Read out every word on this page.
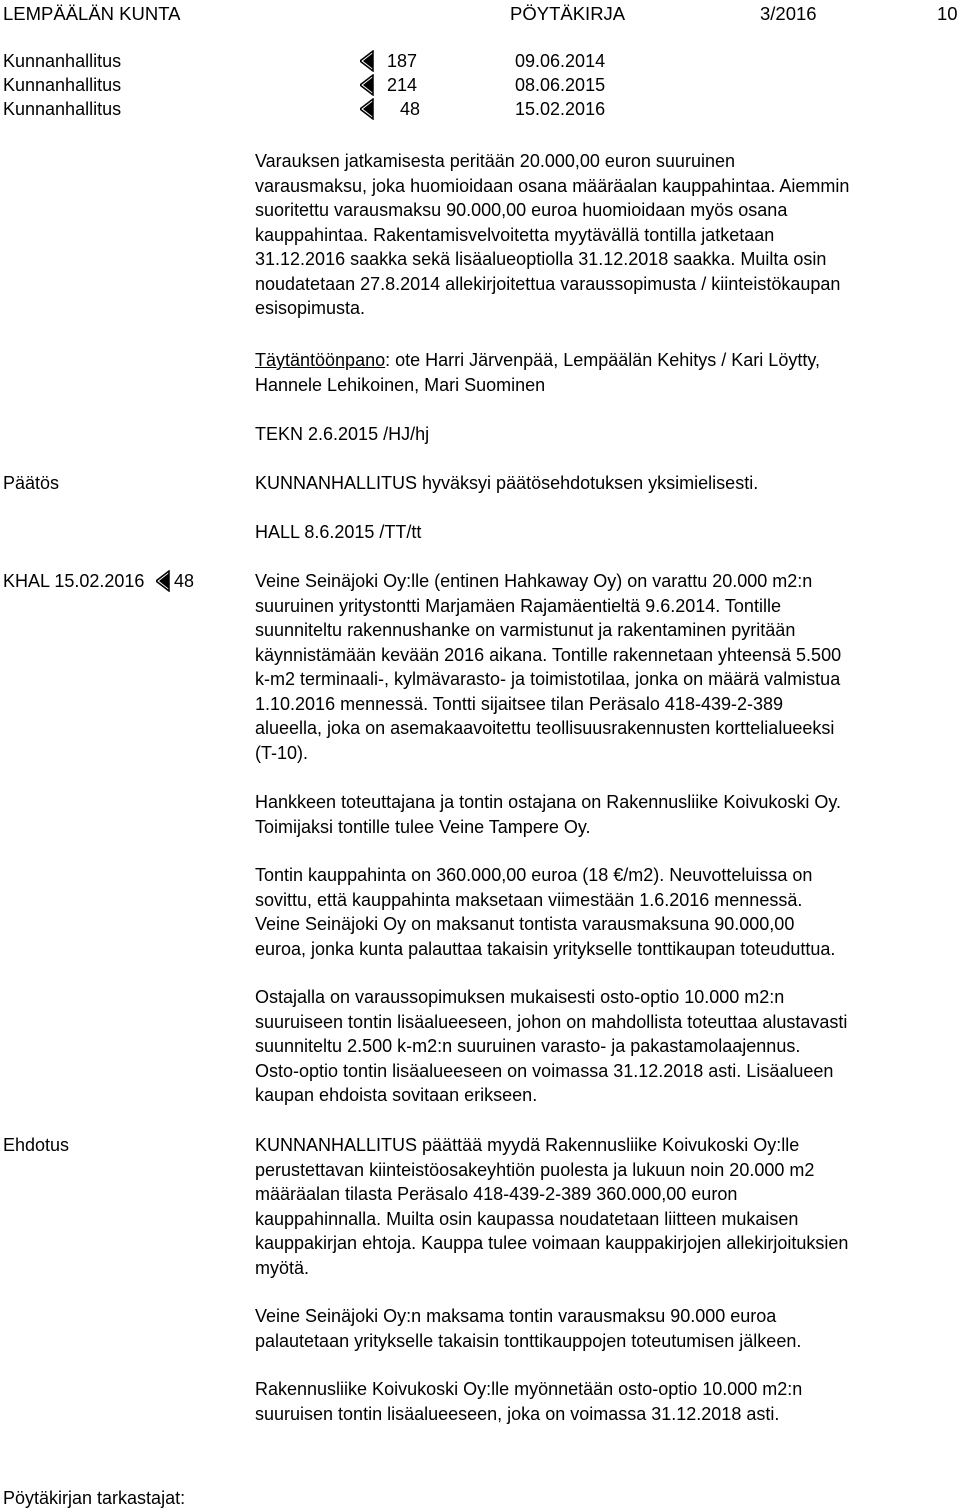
LEMPÄÄLÄN KUNTA	PÖYTÄKIRJA	3/2016	10
Kunnanhallitus	187	09.06.2014
Kunnanhallitus	214	08.06.2015
Kunnanhallitus	48	15.02.2016

Varauksen jatkamisesta peritään 20.000,00 euron suuruinen

varausmaksu, joka huomioidaan osana määräalan kauppahintaa. Aiemmin

suoritettu varausmaksu 90.000,00 euroa huomioidaan myös osana

kauppahintaa. Rakentamisvelvoitetta myytävällä tontilla jatketaan

31.12.2016 saakka sekä lisäalueoptiolla 31.12.2018 saakka. Muilta osin

noudatetaan 27.8.2014 allekirjoitettua varaussopimusta / kiinteistökaupan

esisopimusta.

Täytäntöönpano: ote Harri Järvenpää, Lempäälän Kehitys / Kari Löytty,

Hannele Lehikoinen, Mari Suominen

TEKN 2.6.2015 /HJ/hj
Päätös	KUNNANHALLITUS hyväksyi päätösehdotuksen yksimielisesti.
HALL 8.6.2015 /TT/tt
KHAL 15.02.2016 48	Veine Seinäjoki Oy:lle (entinen Hahkaway Oy) on varattu 20.000 m2:n

suuruinen yritystontti Marjamäen Rajamäentieltä 9.6.2014. Tontille

suunniteltu rakennushanke on varmistunut ja rakentaminen pyritään

käynnistämään kevään 2016 aikana. Tontille rakennetaan yhteensä 5.500

k-m2 terminaali-, kylmävarasto- ja toimistotilaa, jonka on määrä valmistua

1.10.2016 mennessä. Tontti sijaitsee tilan Peräsalo 418-439-2-389

alueella, joka on asemakaavoitettu teollisuusrakennusten korttelialueeksi

(T-10).

Hankkeen toteuttajana ja tontin ostajana on Rakennusliike Koivukoski Oy.

Toimijaksi tontille tulee Veine Tampere Oy.

Tontin kauppahinta on 360.000,00 euroa (18 €/m2). Neuvotteluissa on

sovittu, että kauppahinta maksetaan viimestään 1.6.2016 mennessä.

Veine Seinäjoki Oy on maksanut tontista varausmaksuna 90.000,00

euroa, jonka kunta palauttaa takaisin yritykselle tonttikaupan toteuduttua.

Ostajalla on varaussopimuksen mukaisesti osto-optio 10.000 m2:n

suuruiseen tontin lisäalueeseen, johon on mahdollista toteuttaa alustavasti

suunniteltu 2.500 k-m2:n suuruinen varasto- ja pakastamolaajennus.

Osto-optio tontin lisäalueeseen on voimassa 31.12.2018 asti. Lisäalueen

kaupan ehdoista sovitaan erikseen.

Ehdotus	KUNNANHALLITUS päättää myydä Rakennusliike Koivukoski Oy:lle

perustettavan kiinteistöosakeyhtiön puolesta ja lukuun noin 20.000 m2

määräalan tilasta Peräsalo 418-439-2-389 360.000,00 euron

kauppahinnalla. Muilta osin kaupassa noudatetaan liitteen mukaisen

kauppakirjan ehtoja. Kauppa tulee voimaan kauppakirjojen allekirjoituksien

myötä.

Veine Seinäjoki Oy:n maksama tontin varausmaksu 90.000 euroa

palautetaan yritykselle takaisin tonttikauppojen toteutumisen jälkeen.

Rakennusliike Koivukoski Oy:lle myönnetään osto-optio 10.000 m2:n

suuruisen tontin lisäalueeseen, joka on voimassa 31.12.2018 asti.

Pöytäkirjan tarkastajat:
